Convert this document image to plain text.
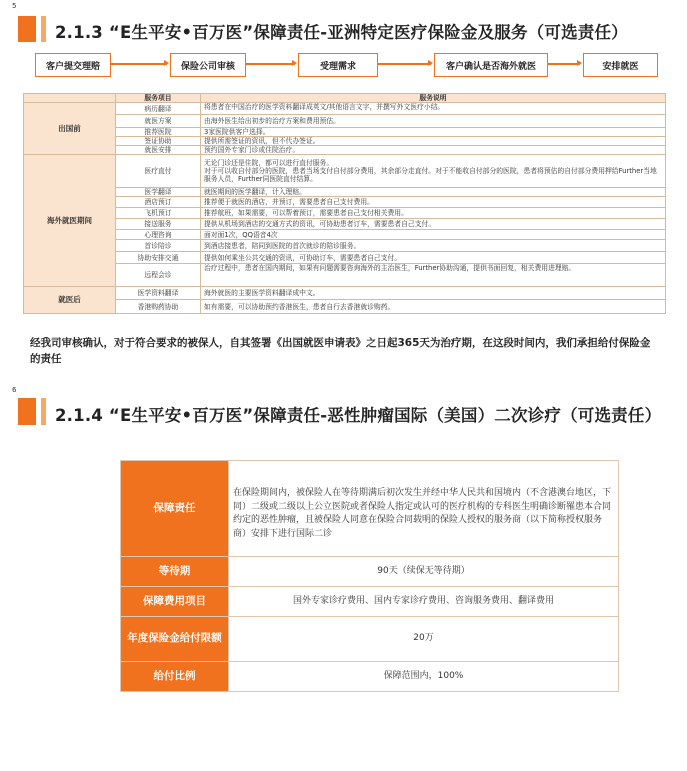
5
2.1.3 “E生平安•百万医”保障责任-亚洲特定医疗保险金及服务（可选责任）
客户提交理赔	保险公司审核	受理需求	客户确认是否海外就医	安排就医
	服务项目	服务说明
出国前	病历翻译	将患者在中国治疗的医学资料翻译成英文/其他语言文字，并撰写外文医疗小结。
	就医方案	由海外医生给出初步的治疗方案和费用预估。
	推荐医院	3家医院供客户选择。
	签证协助	提供所需签证的资讯，但不代办签证。
	就医安排	预约国外专家门诊或住院治疗。
海外就医期间	医疗直付	无论门诊还是住院，都可以进行直付服务。
对于可以收自付部分的医院，患者当场支付自付部分费用，其余部分走直付。对于不能收自付部分的医院，患者将预估的自付部分费用押给Further当地服务人员，Further同医院直付结算。
	医学翻译	就医期间的医学翻译，计入理赔。
	酒店预订	推荐便于就医的酒店，并预订，需要患者自己支付费用。
	飞机预订	推荐航班，如果需要，可以帮着预订，需要患者自己支付相关费用。
	接送服务	提供从机场到酒店的交通方式的资讯，可协助患者订车，需要患者自己支付。
	心理咨询	面对面1次，QQ语音4次
	首诊陪诊	到酒店接患者，陪同到医院的首次就诊的陪诊服务。
	协助安排交通	提供如何乘坐公共交通的资讯，可协助订车，需要患者自己支付。
	远程会诊	治疗过程中，患者在国内期间，如果有问题需要咨询海外的主治医生，Further协助沟通，提供书面回复，相关费用进理赔。
就医后	医学资料翻译	海外就医的主要医学资料翻译成中文。
	香港购药协助	如有需要，可以协助预约香港医生，患者自行去香港就诊购药。
经我司审核确认，对于符合要求的被保人，自其签署《出国就医申请表》之日起365天为治疗期，在这段时间内，我们承担给付保险金的责任
6
2.1.4 “E生平安•百万医”保障责任-恶性肿瘤国际（美国）二次诊疗（可选责任）
保障责任	在保险期间内，被保险人在等待期满后初次发生并经中华人民共和国境内（不含港澳台地区，下同）二级或二级以上公立医院或者保险人指定或认可的医疗机构的专科医生明确诊断罹患本合同约定的恶性肿瘤，且被保险人同意在保险合同载明的保险人授权的服务商（以下简称授权服务商）安排下进行国际二诊
等待期	90天（续保无等待期）
保障费用项目	国外专家诊疗费用、国内专家诊疗费用、咨询服务费用、翻译费用
年度保险金给付限额	20万
给付比例	保障范围内，100%
